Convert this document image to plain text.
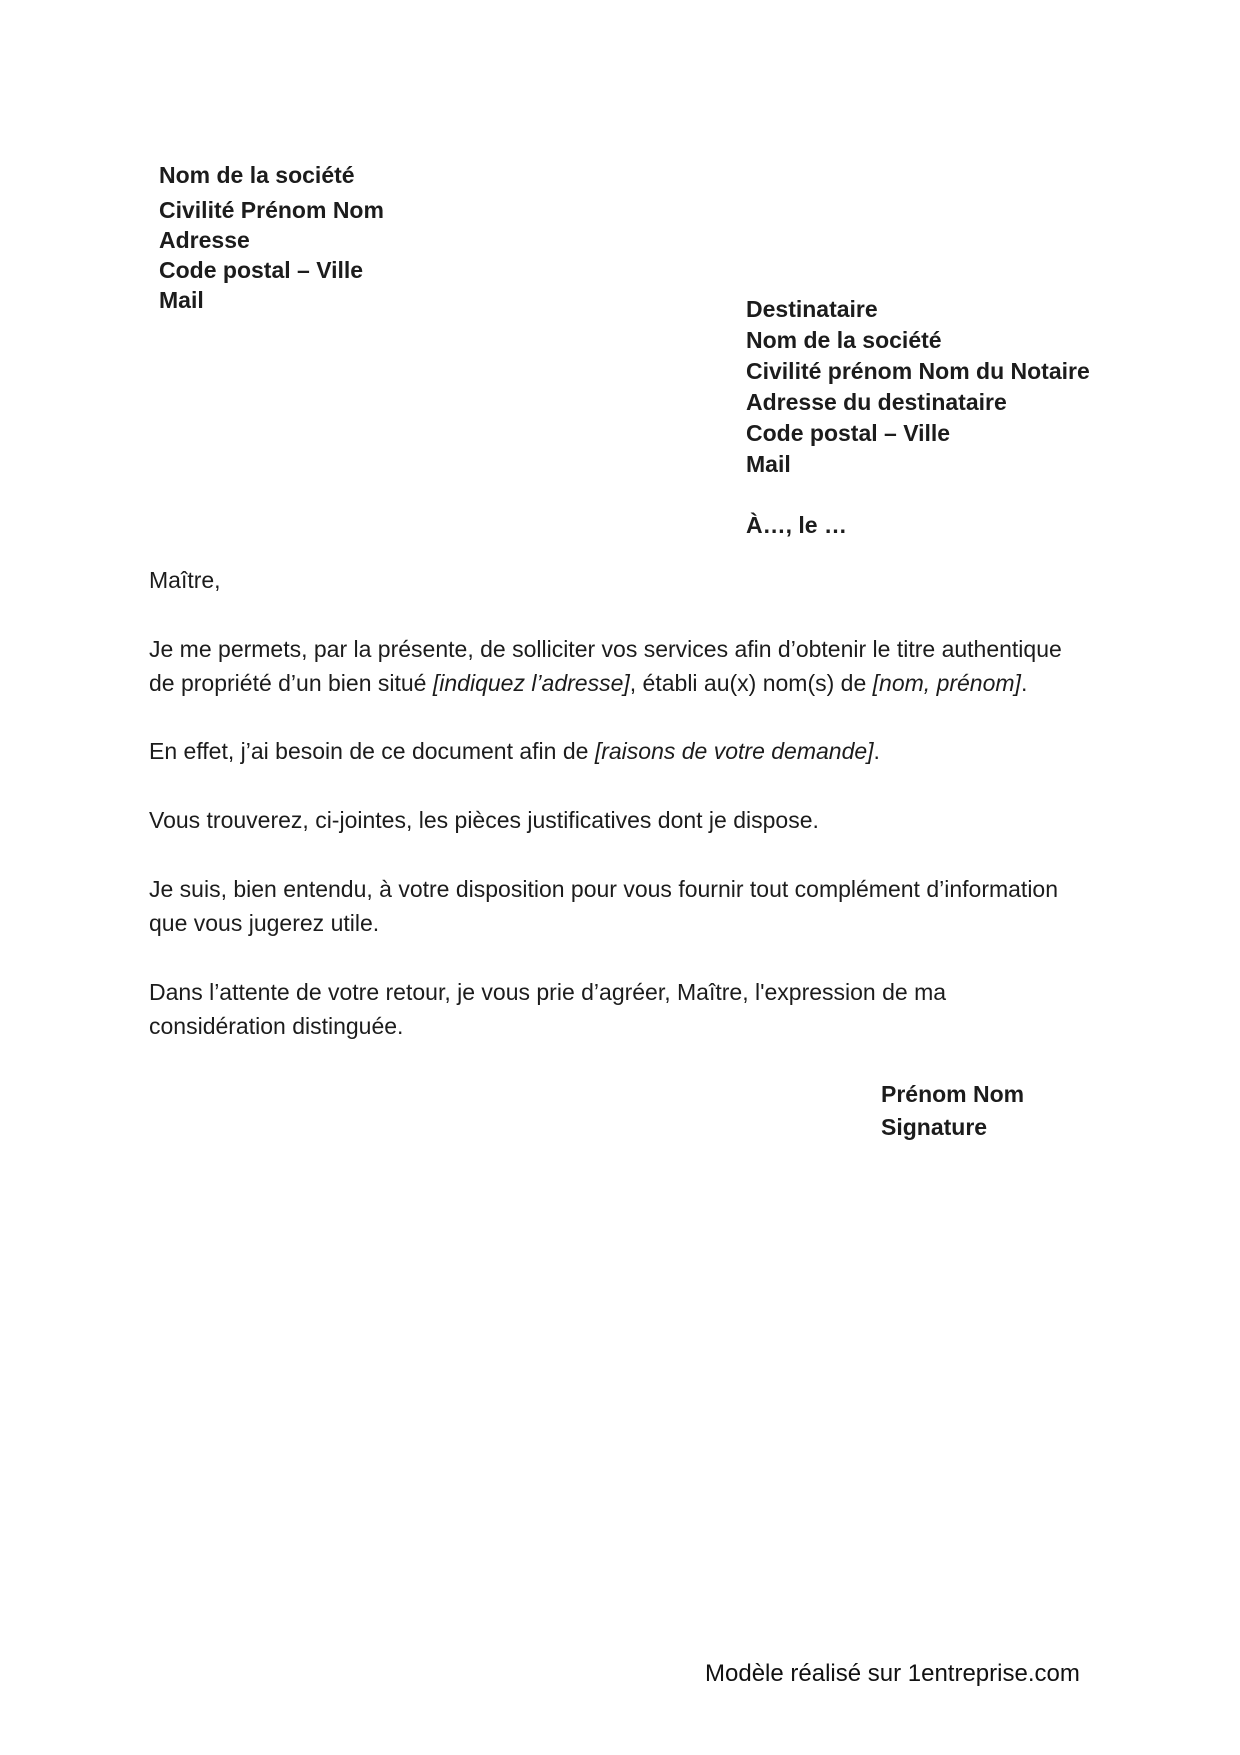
Nom de la société
Civilité Prénom Nom
Adresse
Code postal – Ville
Mail	Destinataire
Nom de la société
Civilité prénom Nom du Notaire
Adresse du destinataire
Code postal – Ville
Mail
À…, le …

Maître,

Je me permets, par la présente, de solliciter vos services afin d’obtenir le titre authentique de propriété d’un bien situé [indiquez l’adresse], établi au(x) nom(s) de [nom, prénom].

En effet, j’ai besoin de ce document afin de [raisons de votre demande].

Vous trouverez, ci-jointes, les pièces justificatives dont je dispose.

Je suis, bien entendu, à votre disposition pour vous fournir tout complément d’information que vous jugerez utile.

Dans l’attente de votre retour, je vous prie d’agréer, Maître, l'expression de ma considération distinguée.

Prénom Nom
Signature
Modèle réalisé sur 1entreprise.com
